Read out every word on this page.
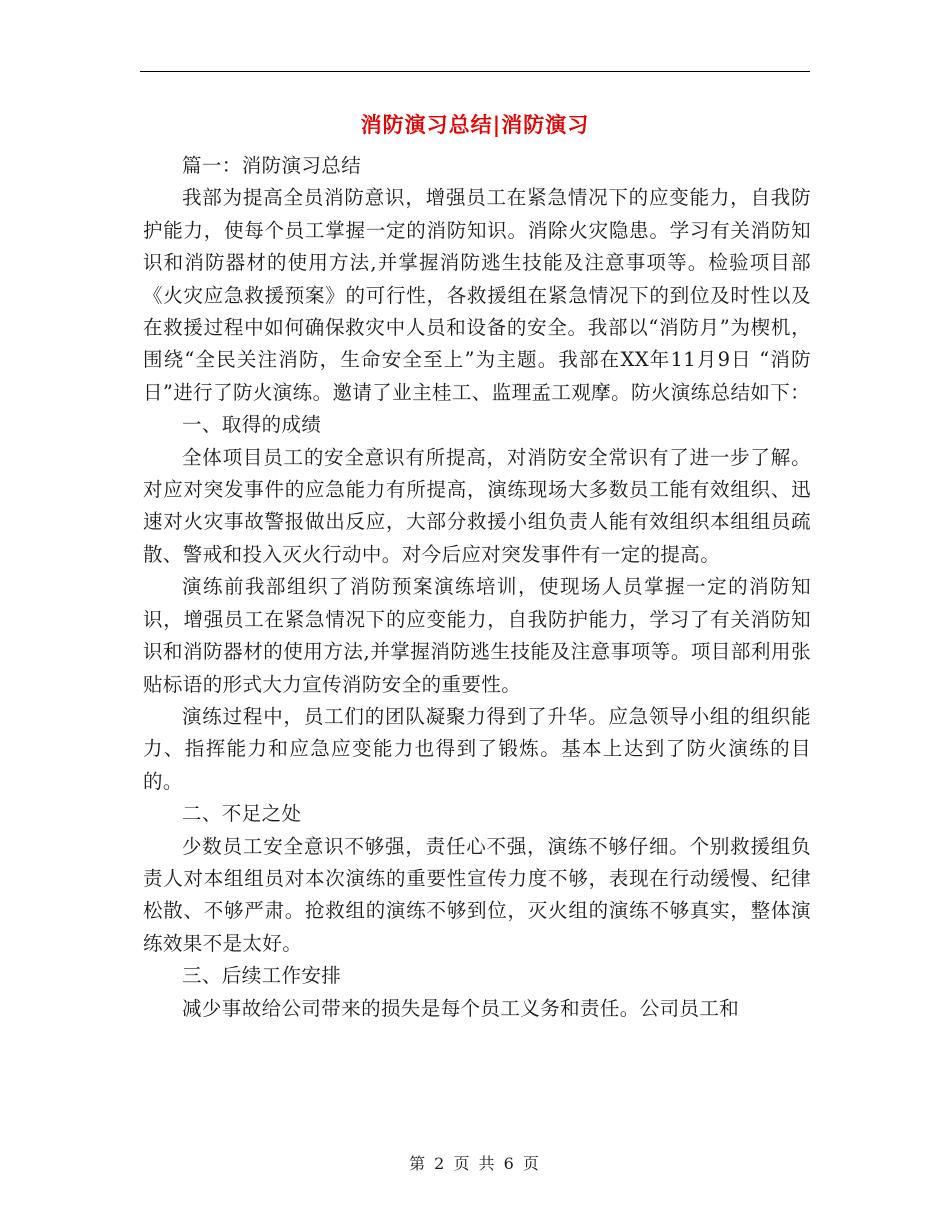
消防演习总结|消防演习

篇一：消防演习总结

我部为提高全员消防意识，增强员工在紧急情况下的应变能力，自我防护能力，使每个员工掌握一定的消防知识。消除火灾隐患。学习有关消防知识和消防器材的使用方法,并掌握消防逃生技能及注意事项等。检验项目部《火灾应急救援预案》的可行性，各救援组在紧急情况下的到位及时性以及在救援过程中如何确保救灾中人员和设备的安全。我部以“消防月”为楔机，围绕“全民关注消防，生命安全至上”为主题。我部在XX年11月9日 “消防日”进行了防火演练。邀请了业主桂工、监理孟工观摩。防火演练总结如下：

一、取得的成绩

全体项目员工的安全意识有所提高，对消防安全常识有了进一步了解。对应对突发事件的应急能力有所提高，演练现场大多数员工能有效组织、迅速对火灾事故警报做出反应，大部分救援小组负责人能有效组织本组组员疏散、警戒和投入灭火行动中。对今后应对突发事件有一定的提高。

演练前我部组织了消防预案演练培训，使现场人员掌握一定的消防知识，增强员工在紧急情况下的应变能力，自我防护能力，学习了有关消防知识和消防器材的使用方法,并掌握消防逃生技能及注意事项等。项目部利用张贴标语的形式大力宣传消防安全的重要性。

演练过程中，员工们的团队凝聚力得到了升华。应急领导小组的组织能力、指挥能力和应急应变能力也得到了锻炼。基本上达到了防火演练的目的。

二、不足之处

少数员工安全意识不够强，责任心不强，演练不够仔细。个别救援组负责人对本组组员对本次演练的重要性宣传力度不够，表现在行动缓慢、纪律松散、不够严肃。抢救组的演练不够到位，灭火组的演练不够真实，整体演练效果不是太好。

三、后续工作安排

减少事故给公司带来的损失是每个员工义务和责任。公司员工和

第 2 页 共 6 页
